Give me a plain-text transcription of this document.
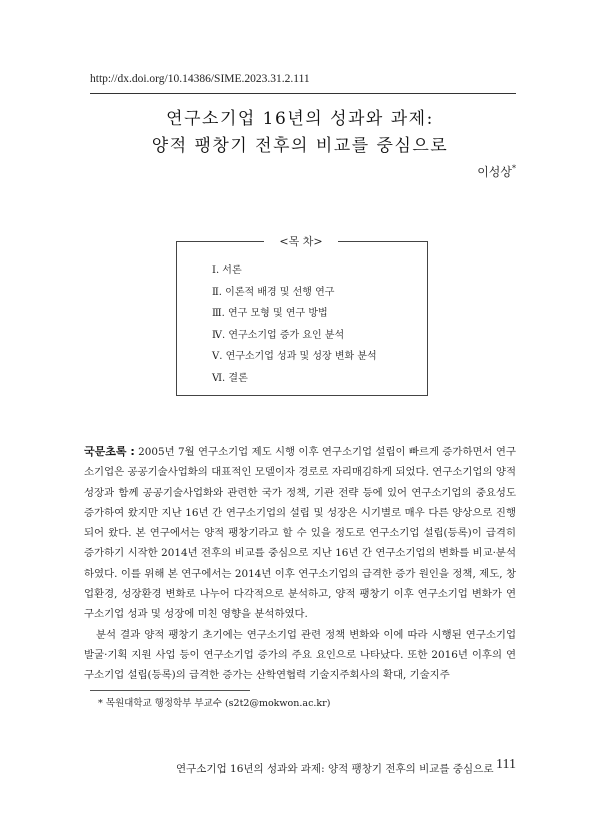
http://dx.doi.org/10.14386/SIME.2023.31.2.111
연구소기업 16년의 성과와 과제:
양적 팽창기 전후의 비교를 중심으로
이성상*
<목 차>
Ⅰ. 서론
Ⅱ. 이론적 배경 및 선행 연구
Ⅲ. 연구 모형 및 연구 방법
Ⅳ. 연구소기업 증가 요인 분석
Ⅴ. 연구소기업 성과 및 성장 변화 분석
Ⅵ. 결론

국문초록 : 2005년 7월 연구소기업 제도 시행 이후 연구소기업 설립이 빠르게 증가하면서 연구소기업은 공공기술사업화의 대표적인 모델이자 경로로 자리매김하게 되었다. 연구소기업의 양적 성장과 함께 공공기술사업화와 관련한 국가 정책, 기관 전략 등에 있어 연구소기업의 중요성도 증가하여 왔지만 지난 16년 간 연구소기업의 설립 및 성장은 시기별로 매우 다른 양상으로 진행되어 왔다. 본 연구에서는 양적 팽창기라고 할 수 있을 정도로 연구소기업 설립(등록)이 급격히 증가하기 시작한 2014년 전후의 비교를 중심으로 지난 16년 간 연구소기업의 변화를 비교·분석하였다. 이를 위해 본 연구에서는 2014년 이후 연구소기업의 급격한 증가 원인을 정책, 제도, 창업환경, 성장환경 변화로 나누어 다각적으로 분석하고, 양적 팽창기 이후 연구소기업 변화가 연구소기업 성과 및 성장에 미친 영향을 분석하였다.

분석 결과 양적 팽창기 초기에는 연구소기업 관련 정책 변화와 이에 따라 시행된 연구소기업 발굴·기획 지원 사업 등이 연구소기업 증가의 주요 요인으로 나타났다. 또한 2016년 이후의 연구소기업 설립(등록)의 급격한 증가는 산학연협력 기술지주회사의 확대, 기술지주

* 목원대학교 행정학부 부교수 (s2t2@mokwon.ac.kr)
연구소기업 16년의 성과와 과제: 양적 팽창기 전후의 비교를 중심으로 111
